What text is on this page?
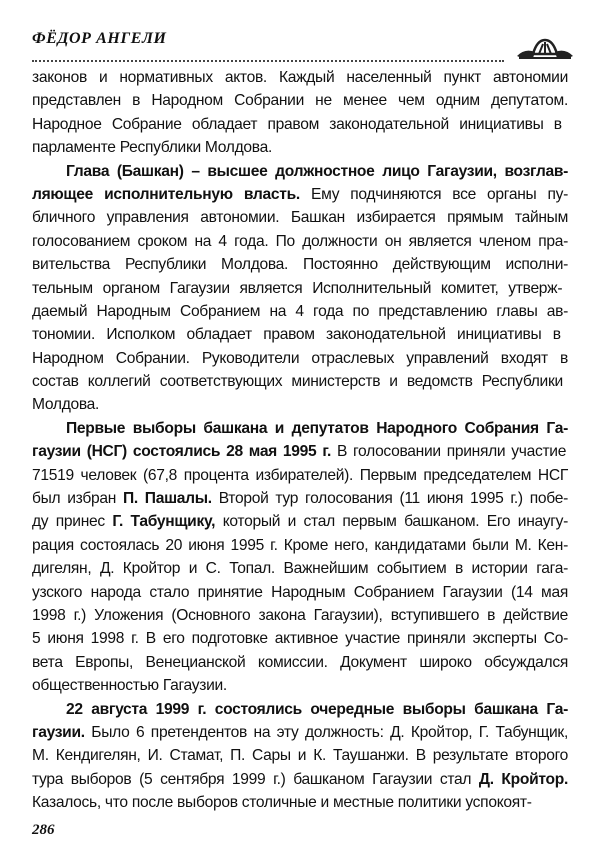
ФЁДОР АНГЕЛИ
законов и нормативных актов. Каждый населенный пункт автономии
представлен в Народном Собрании не менее чем одним депутатом.
Народное Собрание обладает правом законодательной инициативы в
парламенте Республики Молдова.
Глава (Башкан) – высшее должностное лицо Гагаузии, возглав-
ляющее исполнительную власть. Ему подчиняются все органы пу-
бличного управления автономии. Башкан избирается прямым тайным
голосованием сроком на 4 года. По должности он является членом пра-
вительства Республики Молдова. Постоянно действующим исполни-
тельным органом Гагаузии является Исполнительный комитет, утверж-
даемый Народным Собранием на 4 года по представлению главы ав-
тономии. Исполком обладает правом законодательной инициативы в
Народном Собрании. Руководители отраслевых управлений входят в
состав коллегий соответствующих министерств и ведомств Республики
Молдова.
Первые выборы башкана и депутатов Народного Собрания Га-
гаузии (НСГ) состоялись 28 мая 1995 г. В голосовании приняли участие
71519 человек (67,8 процента избирателей). Первым председателем НСГ
был избран П. Пашалы. Второй тур голосования (11 июня 1995 г.) побе-
ду принес Г. Табунщику, который и стал первым башканом. Его инаугу-
рация состоялась 20 июня 1995 г. Кроме него, кандидатами были М. Кен-
дигелян, Д. Кройтор и С. Топал. Важнейшим событием в истории гага-
узского народа стало принятие Народным Собранием Гагаузии (14 мая
1998 г.) Уложения (Основного закона Гагаузии), вступившего в действие
5 июня 1998 г. В его подготовке активное участие приняли эксперты Со-
вета Европы, Венецианской комиссии. Документ широко обсуждался
общественностью Гагаузии.
22 августа 1999 г. состоялись очередные выборы башкана Га-
гаузии. Было 6 претендентов на эту должность: Д. Кройтор, Г. Табунщик,
М. Кендигелян, И. Стамат, П. Сары и К. Таушанжи. В результате второго
тура выборов (5 сентября 1999 г.) башканом Гагаузии стал Д. Кройтор.
Казалось, что после выборов столичные и местные политики успокоят-
286
